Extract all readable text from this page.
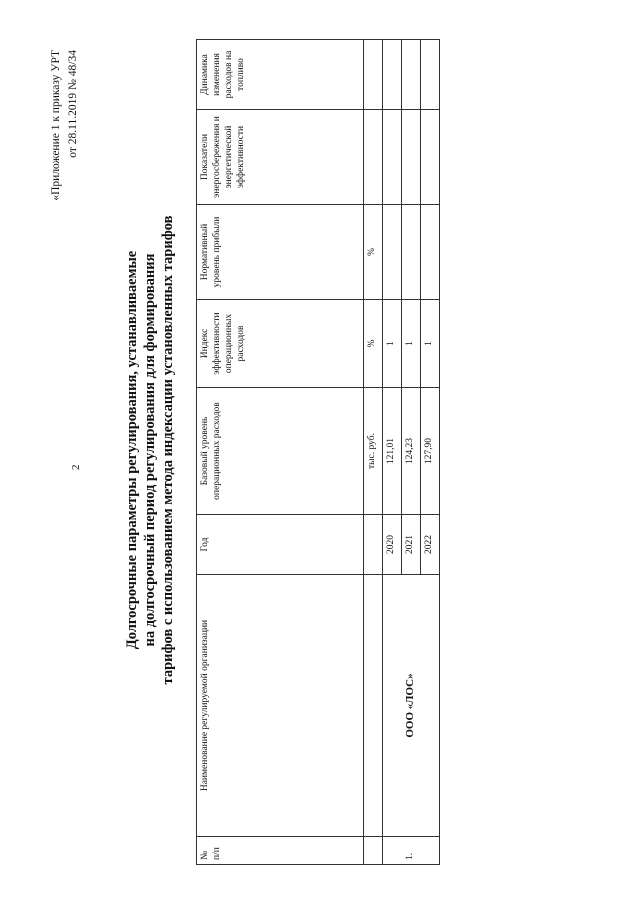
2
«Приложение 1 к приказу УРТ от 28.11.2019 № 48/34
Долгосрочные параметры регулирования, устанавливаемые на долгосрочный период регулирования для формирования тарифов с использованием метода индексации установленных тарифов
№ п/п	Наименование регулируемой организации	Год	Базовый уровень операционных расходов	Индекс эффективности операционных расходов	Нормативный уровень прибыли	Показатели энергосбережения и энергетической эффективности	Динамика изменения расходов на топливо
			тыс. руб.	%	%		
1.	ООО «ЛОС»	2020	121,01	1			
		2021	124,23	1			
		2022	127,90	1			
